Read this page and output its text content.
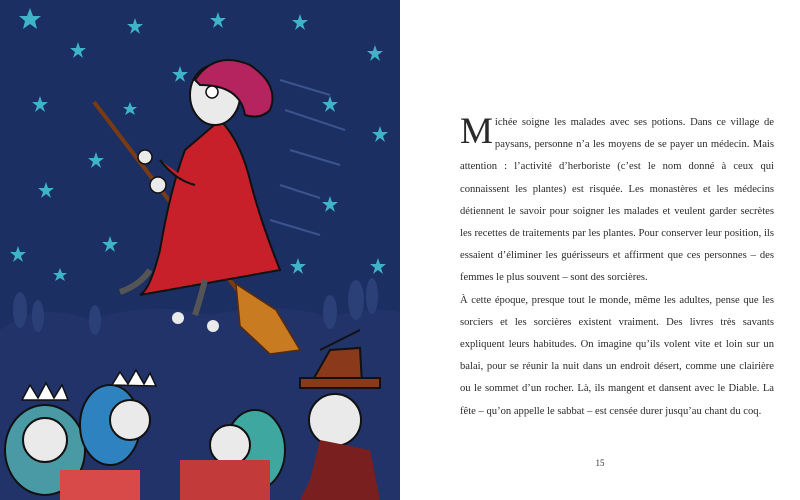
Michée soigne les malades avec ses potions. Dans ce village de paysans, personne n’a les moyens de se payer un médecin. Mais attention : l’activité d’herboriste (c’est le nom donné à ceux qui connaissent les plantes) est risquée. Les monastères et les médecins détiennent le savoir pour soigner les malades et veulent garder secrètes les recettes de traitements par les plantes. Pour conserver leur position, ils essaient d’éliminer les guérisseurs et affirment que ces personnes – des femmes le plus souvent – sont des sorcières.

À cette époque, presque tout le monde, même les adultes, pense que les sorciers et les sorcières existent vraiment. Des livres très savants expliquent leurs habitudes. On imagine qu’ils volent vite et loin sur un balai, pour se réunir la nuit dans un endroit désert, comme une clairière ou le sommet d’un rocher. Là, ils mangent et dansent avec le Diable. La fête – qu’on appelle le sabbat – est censée durer jusqu’au chant du coq.

15
